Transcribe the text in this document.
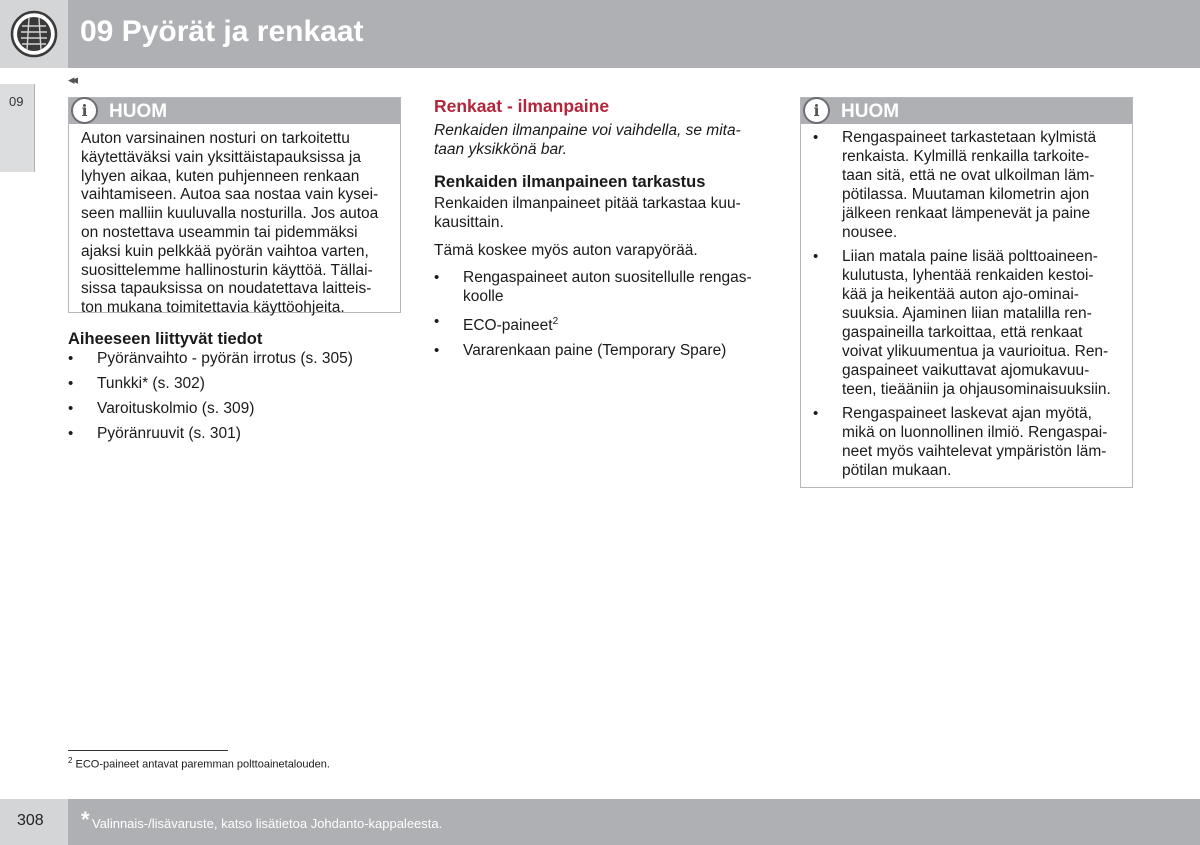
09 Pyörät ja renkaat
09
◂◂
i	HUOM
Auton varsinainen nosturi on tarkoitettu
käytettäväksi vain yksittäistapauksissa ja
lyhyen aikaa, kuten puhjenneen renkaan
vaihtamiseen. Autoa saa nostaa vain kysei-
seen malliin kuuluvalla nosturilla. Jos autoa
on nostettava useammin tai pidemmäksi
ajaksi kuin pelkkää pyörän vaihtoa varten,
suosittelemme hallinosturin käyttöä. Tällai-
sissa tapauksissa on noudatettava laitteis-
ton mukana toimitettavia käyttöohjeita.
Aiheeseen liittyvät tiedot
• Pyöränvaihto - pyörän irrotus (s. 305)
• Tunkki* (s. 302)
• Varoituskolmio (s. 309)
• Pyöränruuvit (s. 301)
Renkaat - ilmanpaine
Renkaiden ilmanpaine voi vaihdella, se mita-
taan yksikkönä bar.
Renkaiden ilmanpaineen tarkastus
Renkaiden ilmanpaineet pitää tarkastaa kuu-
kausittain.
Tämä koskee myös auton varapyörää.
• Rengaspaineet auton suositellulle rengas-
koolle
• ECO-paineet$^2$
• Vararenkaan paine (Temporary Spare)
i	HUOM
• Rengaspaineet tarkastetaan kylmistä
renkaista. Kylmillä renkailla tarkoite-
taan sitä, että ne ovat ulkoilman läm-
pötilassa. Muutaman kilometrin ajon
jälkeen renkaat lämpenevät ja paine
nousee.
• Liian matala paine lisää polttoaineen-
kulutusta, lyhentää renkaiden kestoi-
kää ja heikentää auton ajo-ominai-
suuksia. Ajaminen liian matalilla ren-
gaspaineilla tarkoittaa, että renkaat
voivat ylikuumentua ja vaurioitua. Ren-
gaspaineet vaikuttavat ajomukavuu-
teen, tieääniin ja ohjausominaisuuksiin.
• Rengaspaineet laskevat ajan myötä,
mikä on luonnollinen ilmiö. Rengaspai-
neet myös vaihtelevat ympäristön läm-
pötilan mukaan.
$^2$ ECO-paineet antavat paremman polttoainetalouden.
308 * Valinnais-/lisävaruste, katso lisätietoa Johdanto-kappaleesta.
